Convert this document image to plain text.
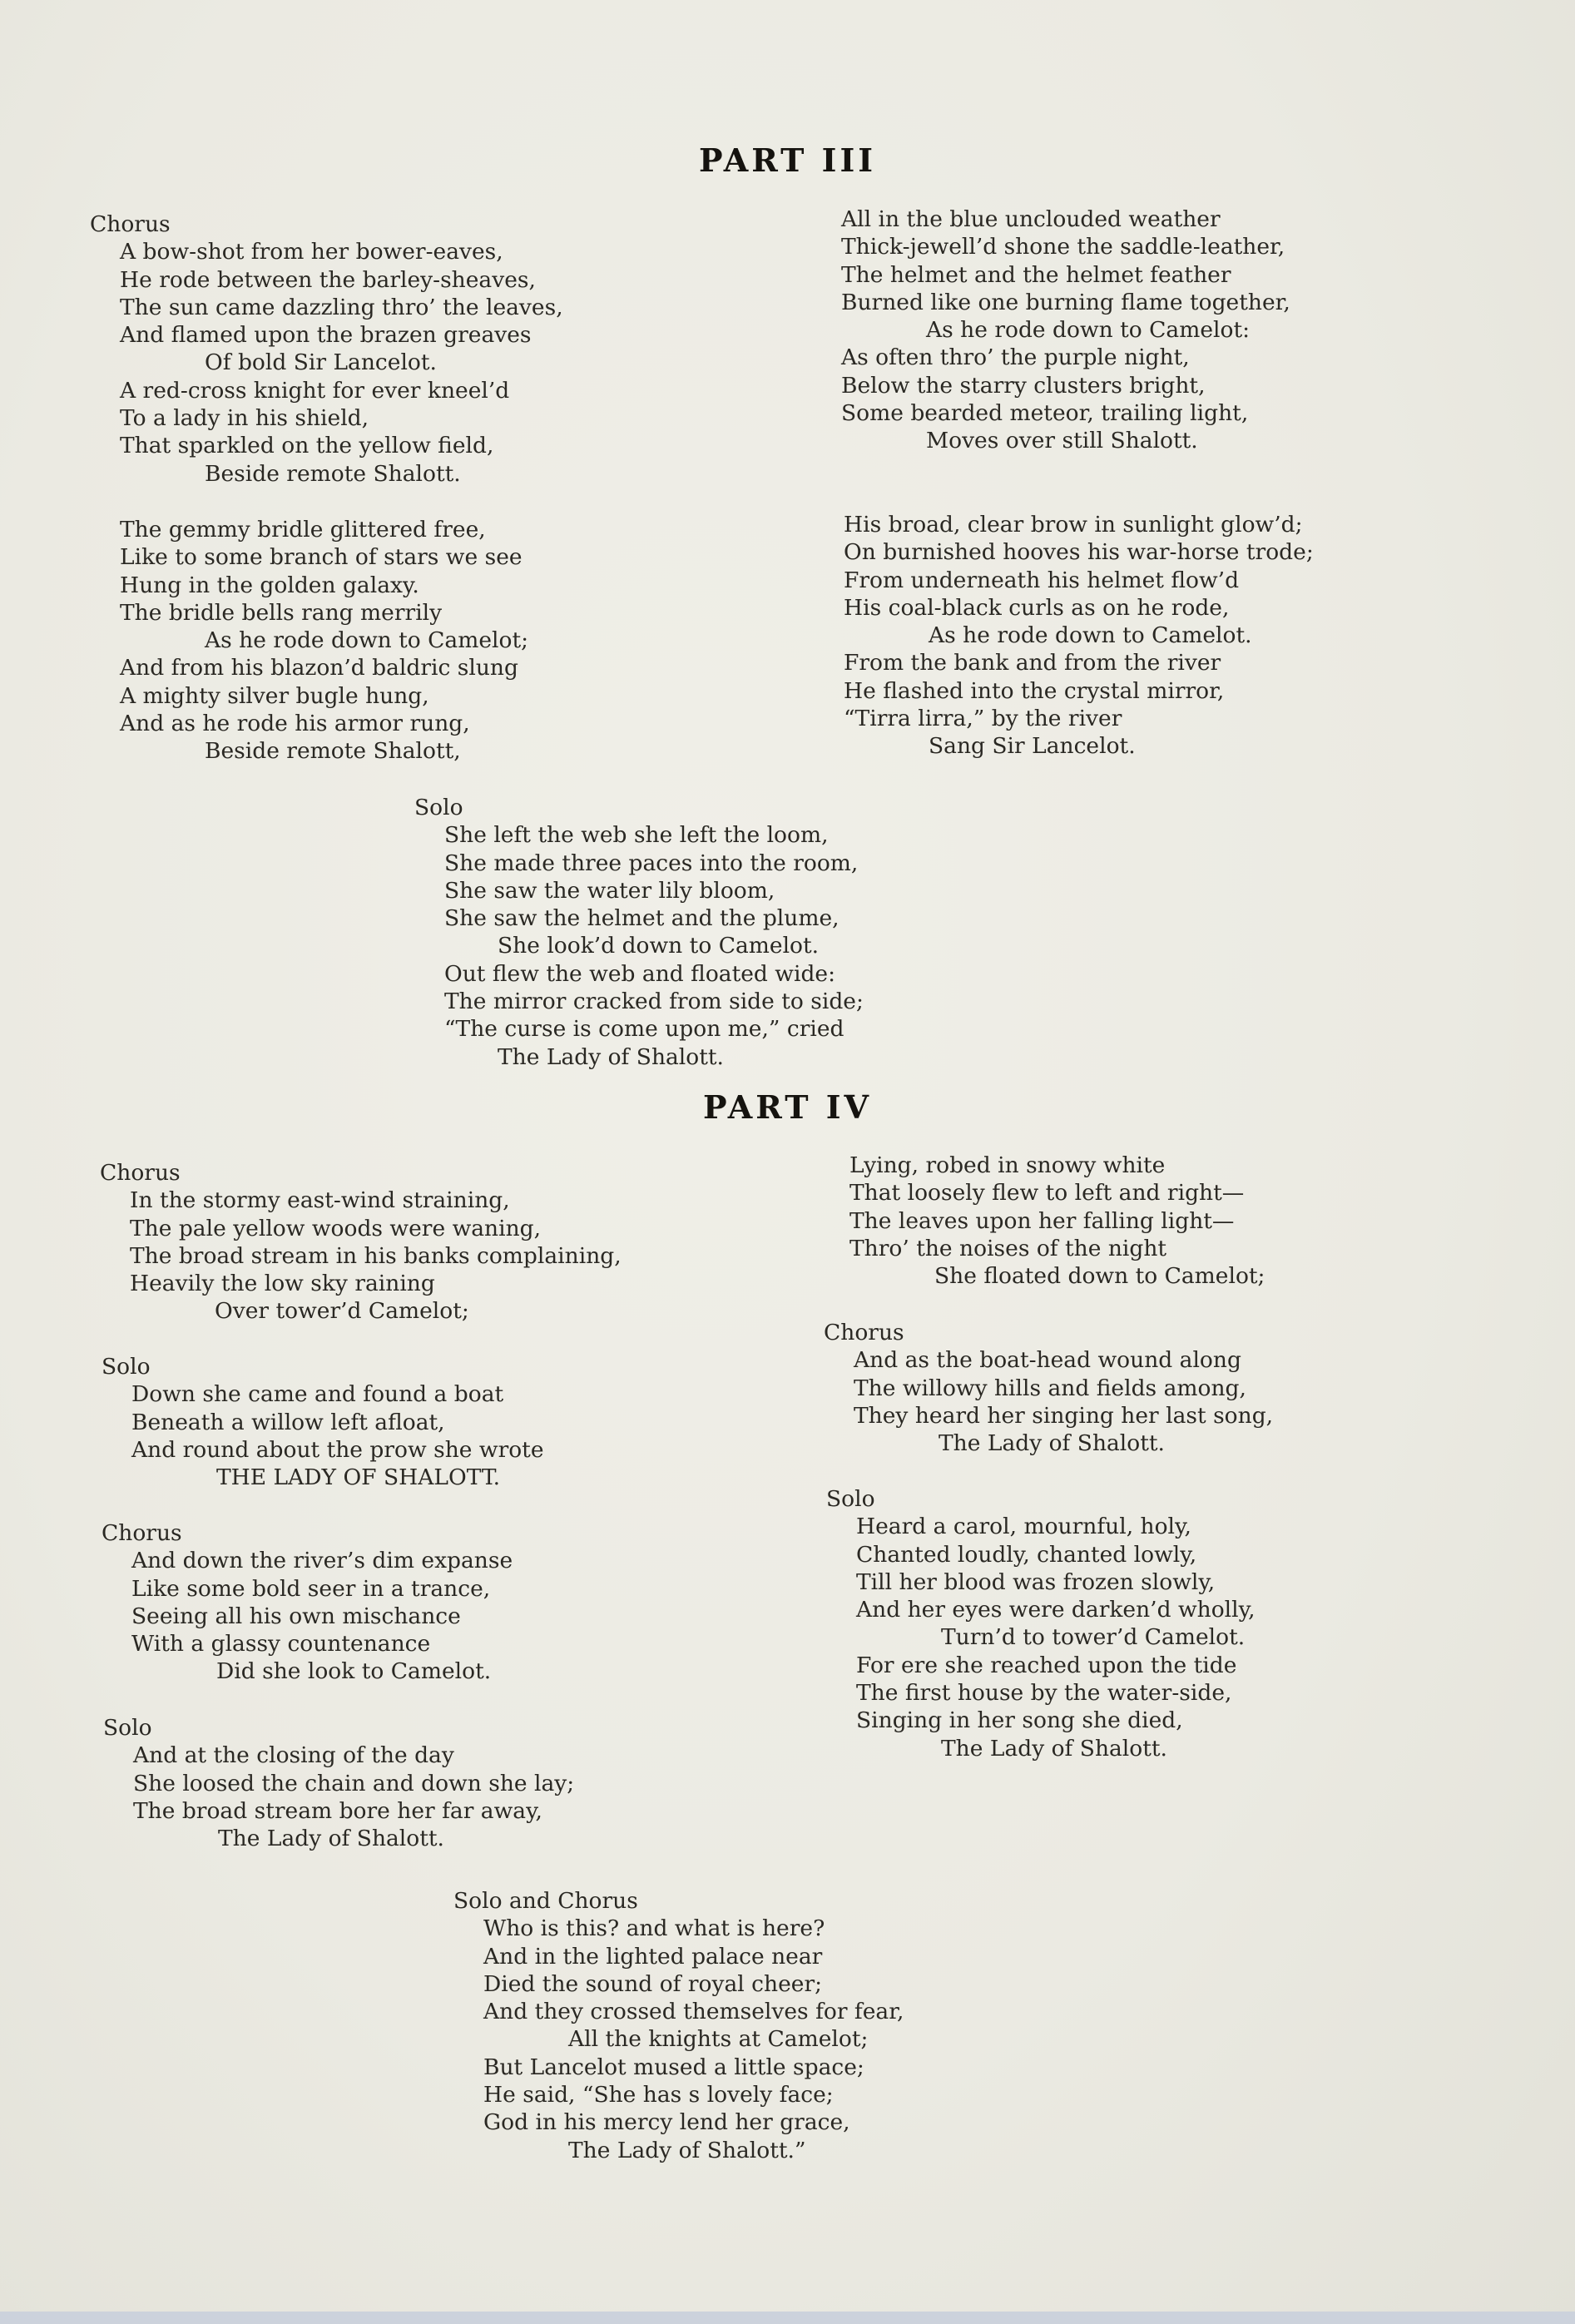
PART III
Chorus
A bow-shot from her bower-eaves,
He rode between the barley-sheaves,
The sun came dazzling thro’ the leaves,
And flamed upon the brazen greaves
Of bold Sir Lancelot.
A red-cross knight for ever kneel’d
To a lady in his shield,
That sparkled on the yellow field,
Beside remote Shalott.
All in the blue unclouded weather
Thick-jewell’d shone the saddle-leather,
The helmet and the helmet feather
Burned like one burning flame together,
As he rode down to Camelot:
As often thro’ the purple night,
Below the starry clusters bright,
Some bearded meteor, trailing light,
Moves over still Shalott.
The gemmy bridle glittered free,
Like to some branch of stars we see
Hung in the golden galaxy.
The bridle bells rang merrily
As he rode down to Camelot;
And from his blazon’d baldric slung
A mighty silver bugle hung,
And as he rode his armor rung,
Beside remote Shalott,
His broad, clear brow in sunlight glow’d;
On burnished hooves his war-horse trode;
From underneath his helmet flow’d
His coal-black curls as on he rode,
As he rode down to Camelot.
From the bank and from the river
He flashed into the crystal mirror,
“Tirra lirra,” by the river
Sang Sir Lancelot.
Solo
She left the web she left the loom,
She made three paces into the room,
She saw the water lily bloom,
She saw the helmet and the plume,
She look’d down to Camelot.
Out flew the web and floated wide:
The mirror cracked from side to side;
“The curse is come upon me,” cried
The Lady of Shalott.
PART IV
Chorus
In the stormy east-wind straining,
The pale yellow woods were waning,
The broad stream in his banks complaining,
Heavily the low sky raining
Over tower’d Camelot;
Solo
Down she came and found a boat
Beneath a willow left afloat,
And round about the prow she wrote
THE LADY OF SHALOTT.
Chorus
And down the river’s dim expanse
Like some bold seer in a trance,
Seeing all his own mischance
With a glassy countenance
Did she look to Camelot.
Solo
And at the closing of the day
She loosed the chain and down she lay;
The broad stream bore her far away,
The Lady of Shalott.
Lying, robed in snowy white
That loosely flew to left and right—
The leaves upon her falling light—
Thro’ the noises of the night
She floated down to Camelot;
Chorus
And as the boat-head wound along
The willowy hills and fields among,
They heard her singing her last song,
The Lady of Shalott.
Solo
Heard a carol, mournful, holy,
Chanted loudly, chanted lowly,
Till her blood was frozen slowly,
And her eyes were darken’d wholly,
Turn’d to tower’d Camelot.
For ere she reached upon the tide
The first house by the water-side,
Singing in her song she died,
The Lady of Shalott.
Solo and Chorus
Who is this? and what is here?
And in the lighted palace near
Died the sound of royal cheer;
And they crossed themselves for fear,
All the knights at Camelot;
But Lancelot mused a little space;
He said, “She has s lovely face;
God in his mercy lend her grace,
The Lady of Shalott.”
